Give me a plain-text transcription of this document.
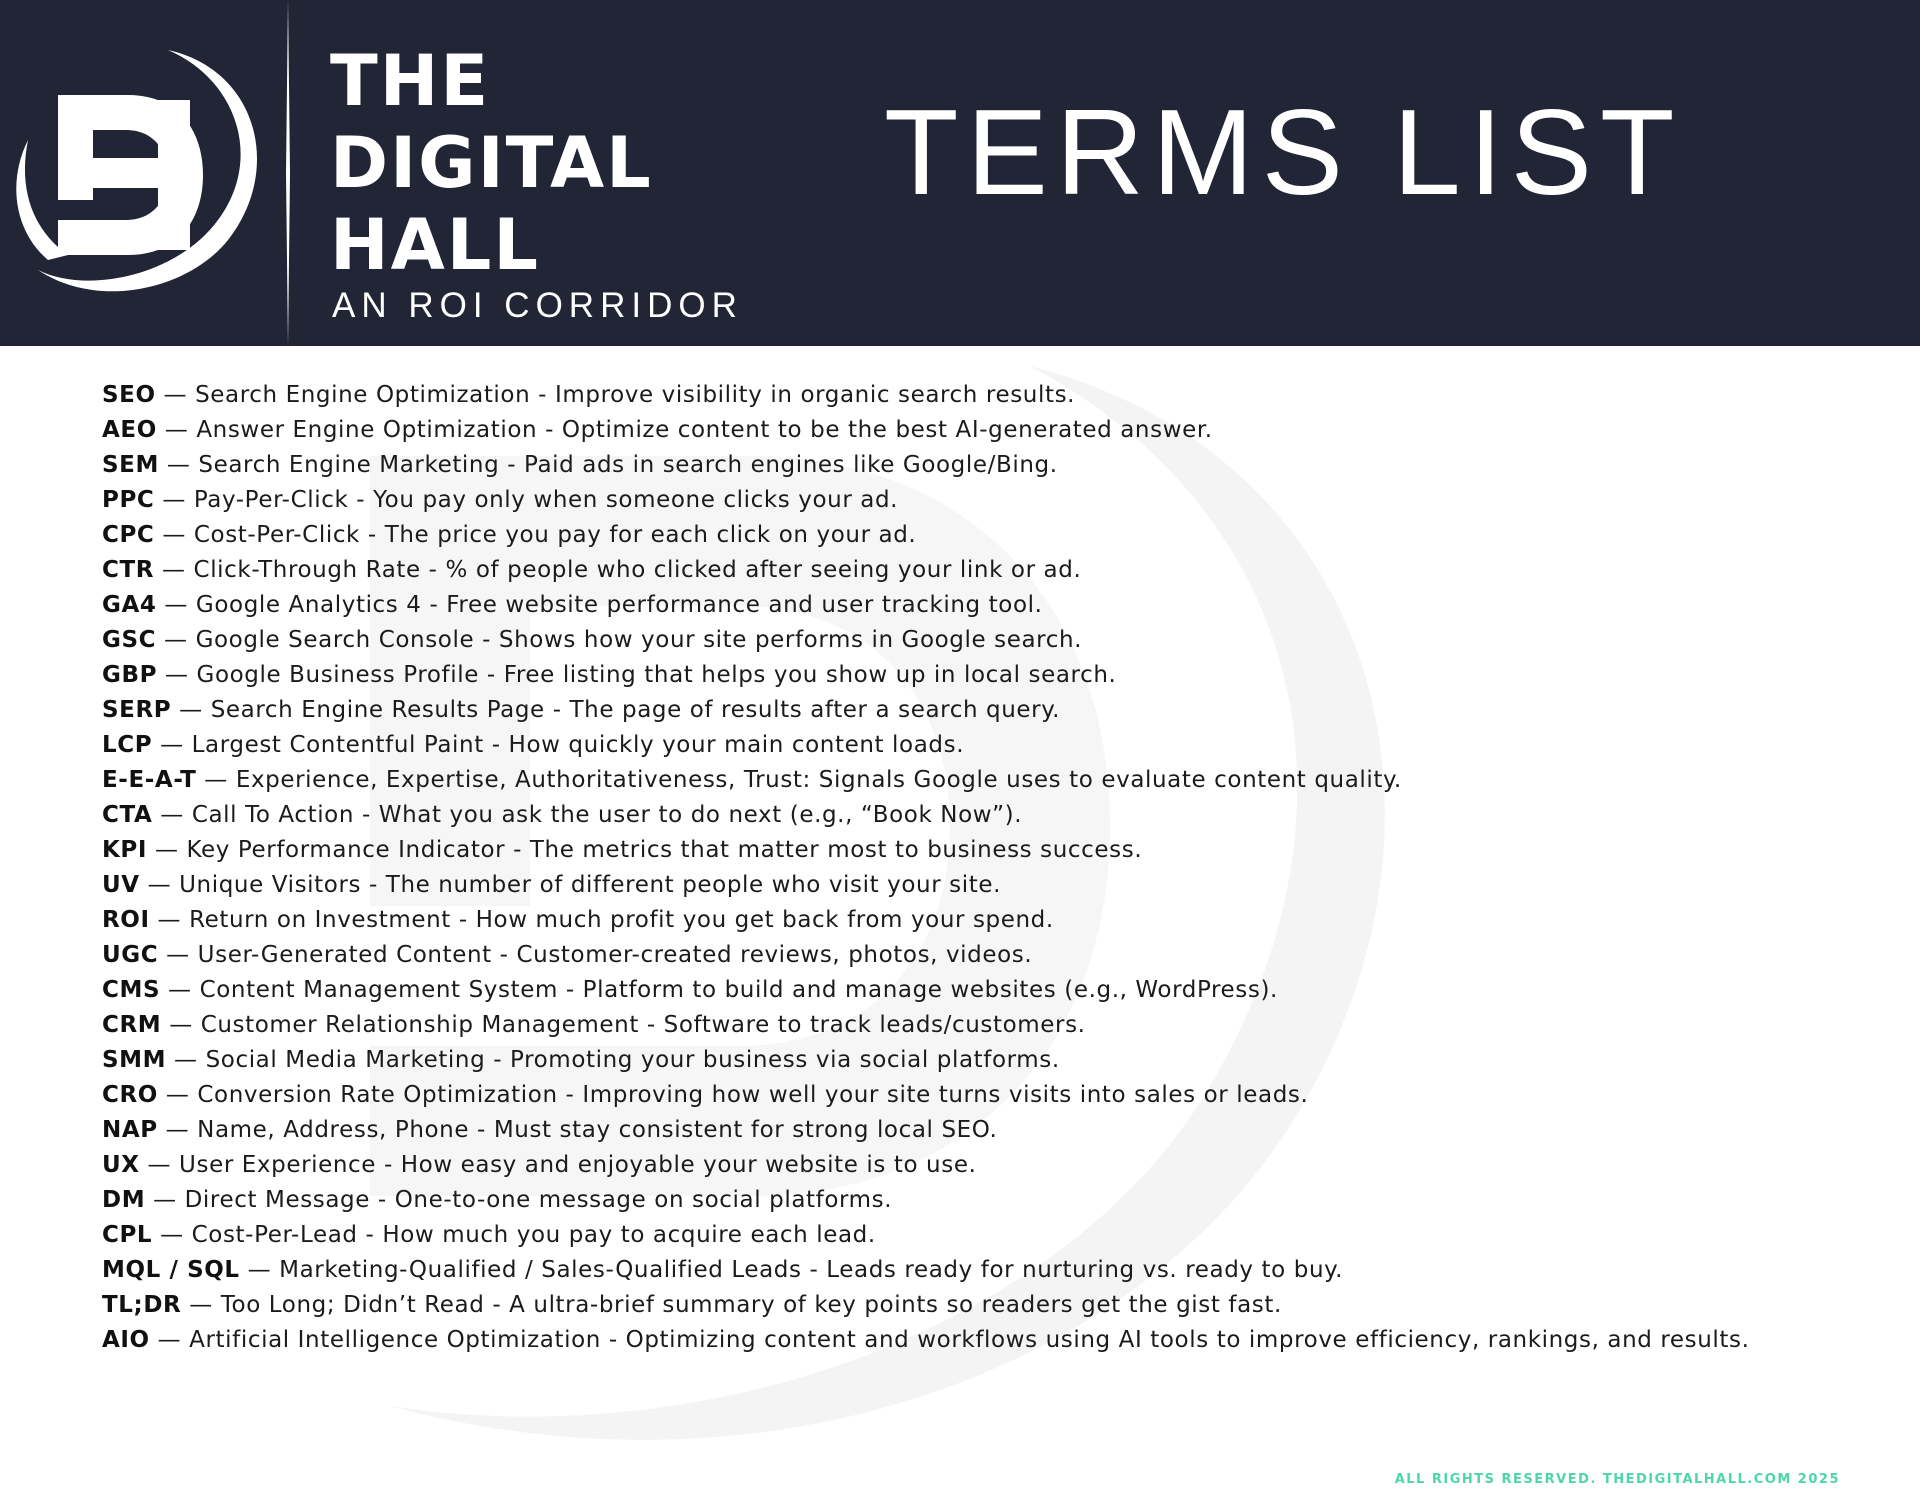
THE
DIGITAL
HALL
AN ROI CORRIDOR
TERMS LIST
SEO — Search Engine Optimization - Improve visibility in organic search results.
AEO — Answer Engine Optimization - Optimize content to be the best AI-generated answer.
SEM — Search Engine Marketing - Paid ads in search engines like Google/Bing.
PPC — Pay-Per-Click - You pay only when someone clicks your ad.
CPC — Cost-Per-Click - The price you pay for each click on your ad.
CTR — Click-Through Rate - % of people who clicked after seeing your link or ad.
GA4 — Google Analytics 4 - Free website performance and user tracking tool.
GSC — Google Search Console - Shows how your site performs in Google search.
GBP — Google Business Profile - Free listing that helps you show up in local search.
SERP — Search Engine Results Page - The page of results after a search query.
LCP — Largest Contentful Paint - How quickly your main content loads.
E-E-A-T — Experience, Expertise, Authoritativeness, Trust: Signals Google uses to evaluate content quality.
CTA — Call To Action - What you ask the user to do next (e.g., “Book Now”).
KPI — Key Performance Indicator - The metrics that matter most to business success.
UV — Unique Visitors - The number of different people who visit your site.
ROI — Return on Investment - How much profit you get back from your spend.
UGC — User-Generated Content - Customer-created reviews, photos, videos.
CMS — Content Management System - Platform to build and manage websites (e.g., WordPress).
CRM — Customer Relationship Management - Software to track leads/customers.
SMM — Social Media Marketing - Promoting your business via social platforms.
CRO — Conversion Rate Optimization - Improving how well your site turns visits into sales or leads.
NAP — Name, Address, Phone - Must stay consistent for strong local SEO.
UX — User Experience - How easy and enjoyable your website is to use.
DM — Direct Message - One-to-one message on social platforms.
CPL — Cost-Per-Lead - How much you pay to acquire each lead.
MQL / SQL — Marketing-Qualified / Sales-Qualified Leads - Leads ready for nurturing vs. ready to buy.
TL;DR — Too Long; Didn’t Read - A ultra-brief summary of key points so readers get the gist fast.
AIO — Artificial Intelligence Optimization - Optimizing content and workflows using AI tools to improve efficiency, rankings, and results.
ALL RIGHTS RESERVED. THEDIGITALHALL.COM 2025
